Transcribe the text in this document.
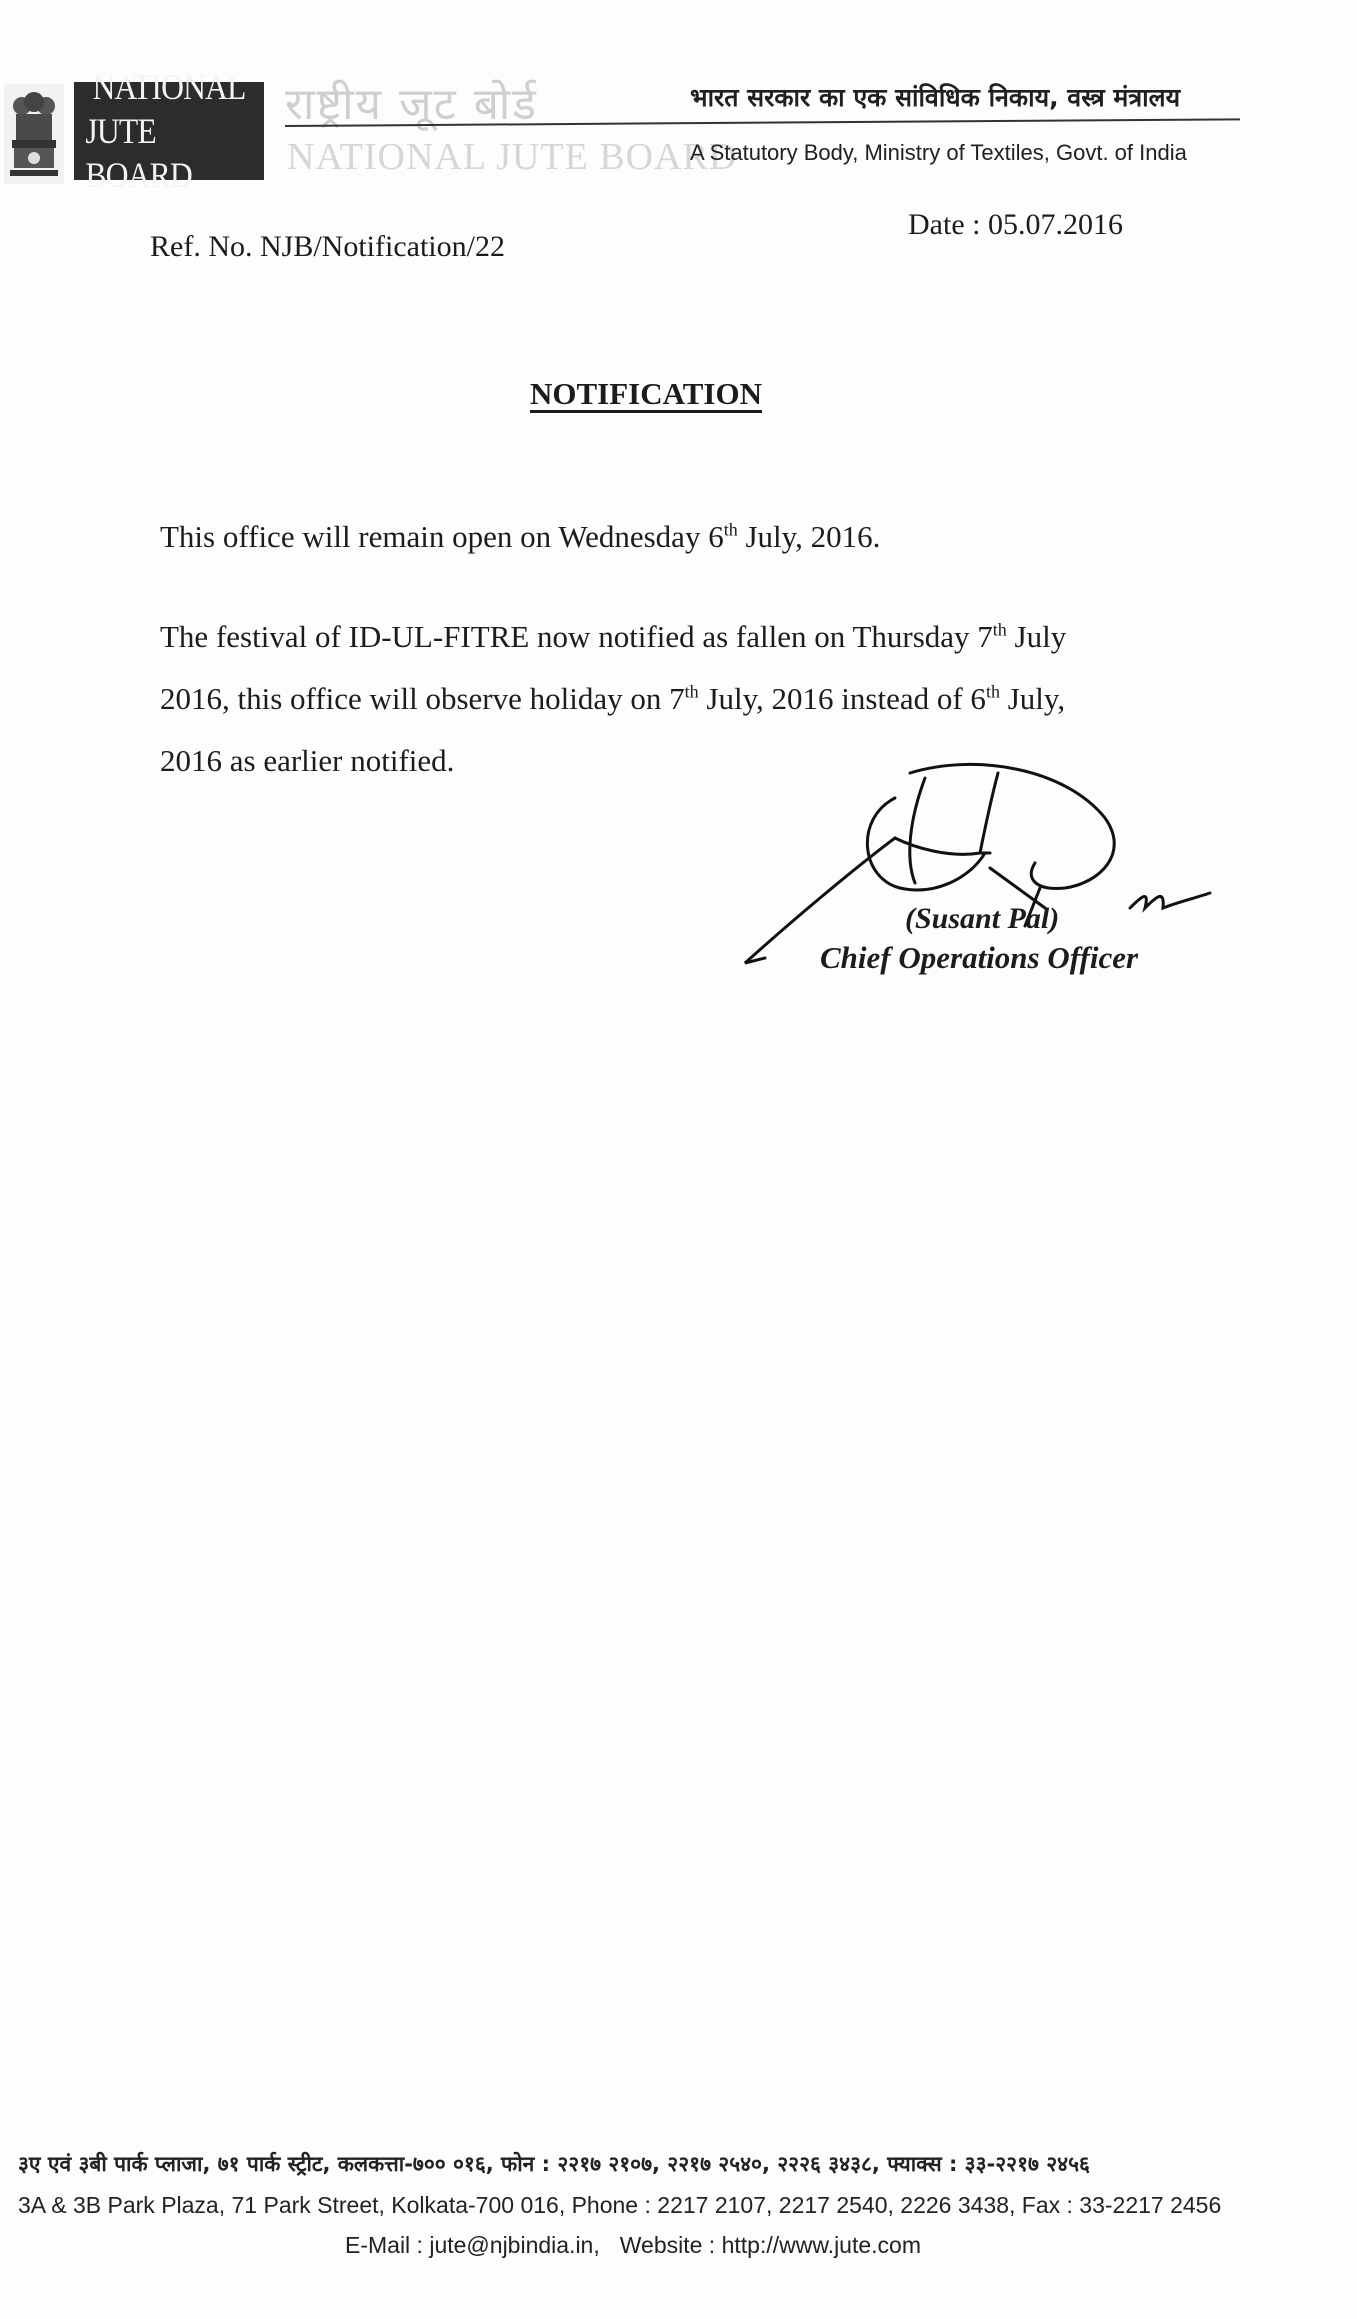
NATIONAL
JUTE BOARD
राष्ट्रीय जूट बोर्ड
NATIONAL JUTE BOARD
भारत सरकार का एक सांविधिक निकाय, वस्त्र मंत्रालय
A Statutory Body, Ministry of Textiles, Govt. of India
Ref. No. NJB/Notification/22
Date : 05.07.2016
NOTIFICATION
This office will remain open on Wednesday 6th July, 2016.
The festival of ID-UL-FITRE now notified as fallen on Thursday 7th July
2016, this office will observe holiday on 7th July, 2016 instead of 6th July,
2016 as earlier notified.
(Susant Pal)
Chief Operations Officer
३ए एवं ३बी पार्क प्लाजा, ७१ पार्क स्ट्रीट, कलकत्ता-७०० ०१६, फोन : २२१७ २१०७, २२१७ २५४०, २२२६ ३४३८, फ्याक्स : ३३-२२१७ २४५६
3A & 3B Park Plaza, 71 Park Street, Kolkata-700 016, Phone : 2217 2107, 2217 2540, 2226 3438, Fax : 33-2217 2456
E-Mail : jute@njbindia.in, Website : http://www.jute.com
